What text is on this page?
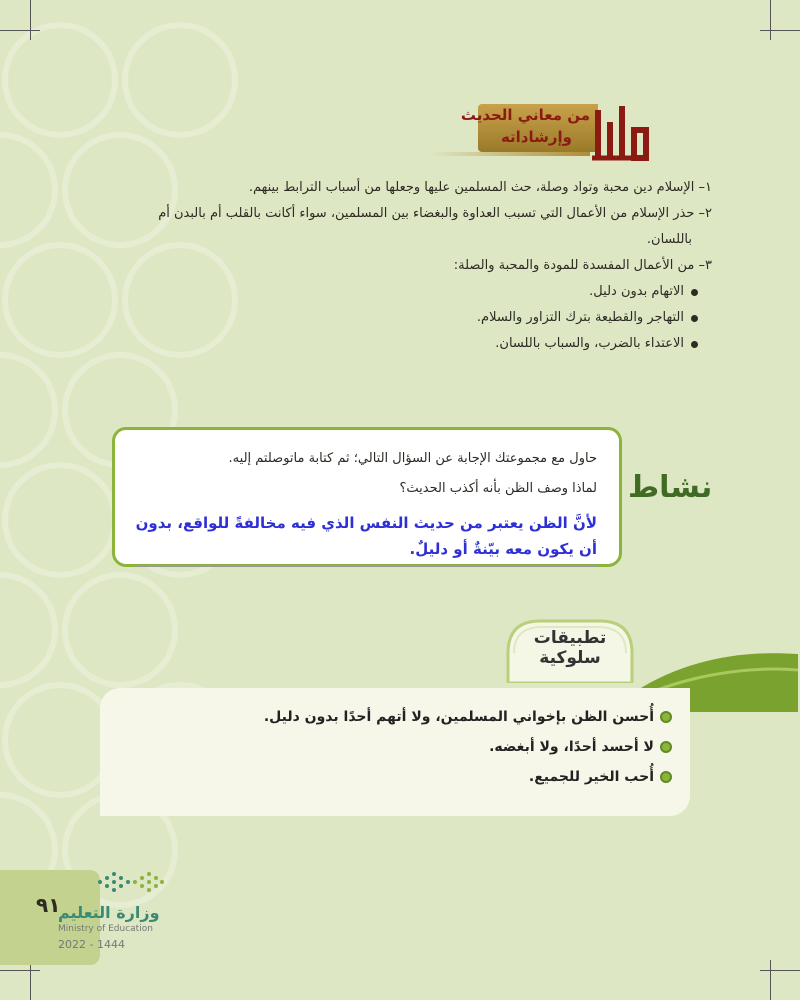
من معاني الحديث
وإرشاداته

١– الإسلام دين محبة وتواد وصلة، حث المسلمين عليها وجعلها من أسباب الترابط بينهم.

٢– حذر الإسلام من الأعمال التي تسبب العداوة والبغضاء بين المسلمين، سواء أكانت بالقلب أم بالبدن أم

باللسان.

٣– من الأعمال المفسدة للمودة والمحبة والصلة:

الاتهام بدون دليل.
التهاجر والقطيعة بترك التزاور والسلام.
الاعتداء بالضرب، والسباب باللسان.
نشاط
حاول مع مجموعتك الإجابة عن السؤال التالي؛ ثم كتابة ماتوصلتم إليه.
لماذا وصف الظن بأنه أكذب الحديث؟
لأنَّ الظن يعتبر من حديث النفس الذي فيه مخالفةً للواقع، بدون أن يكون معه بيّنةٌ أو دليلٌ.
تطبيقات سلوكية
أُحسن الظن بإخواني المسلمين، ولا أتهم أحدًا بدون دليل.
لا أحسد أحدًا، ولا أبغضه.
أُحب الخير للجميع.
٩١
وزارة التعليم
Ministry of Education
2022 - 1444
